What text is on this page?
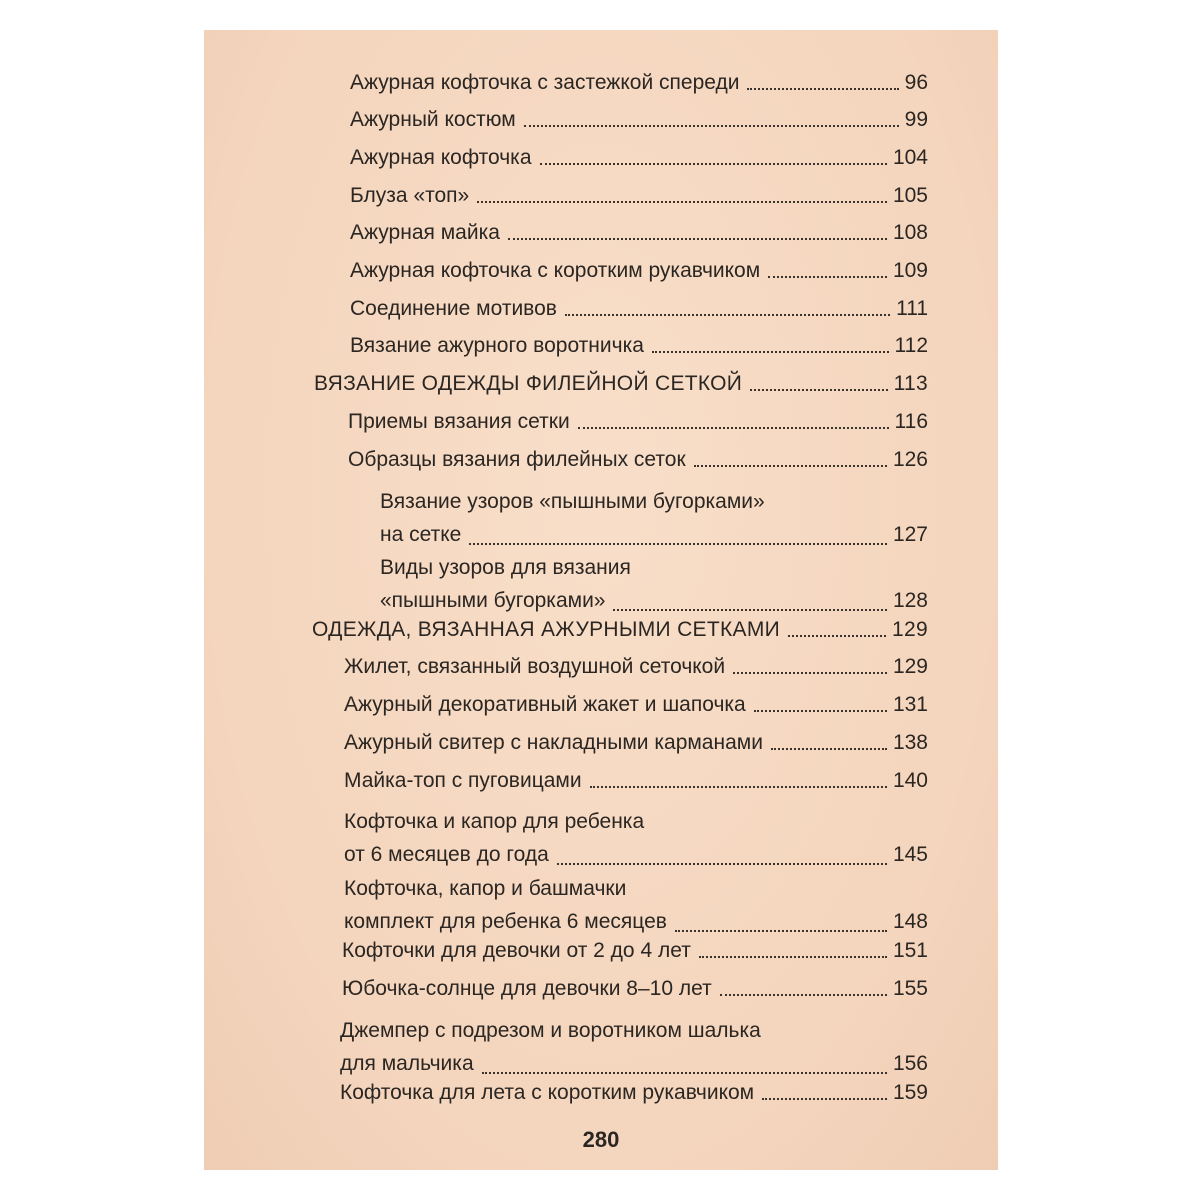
Ажурная кофточка с застежкой спереди	96
Ажурный костюм	99
Ажурная кофточка	104
Блуза «топ»	105
Ажурная майка	108
Ажурная кофточка с коротким рукавчиком	109
Соединение мотивов	111
Вязание ажурного воротничка	112
ВЯЗАНИЕ ОДЕЖДЫ ФИЛЕЙНОЙ СЕТКОЙ	113
Приемы вязания сетки	116
Образцы вязания филейных сеток	126
Вязание узоров «пышными бугорками»
на сетке	127
Виды узоров для вязания
«пышными бугорками»	128
ОДЕЖДА, ВЯЗАННАЯ АЖУРНЫМИ СЕТКАМИ	129
Жилет, связанный воздушной сеточкой	129
Ажурный декоративный жакет и шапочка	131
Ажурный свитер с накладными карманами	138
Майка-топ с пуговицами	140
Кофточка и капор для ребенка
от 6 месяцев до года	145
Кофточка, капор и башмачки
комплект для ребенка 6 месяцев	148
Кофточки для девочки от 2 до 4 лет	151
Юбочка-солнце для девочки 8–10 лет	155
Джемпер с подрезом и воротником шалька
для мальчика	156
Кофточка для лета с коротким рукавчиком	159
280
